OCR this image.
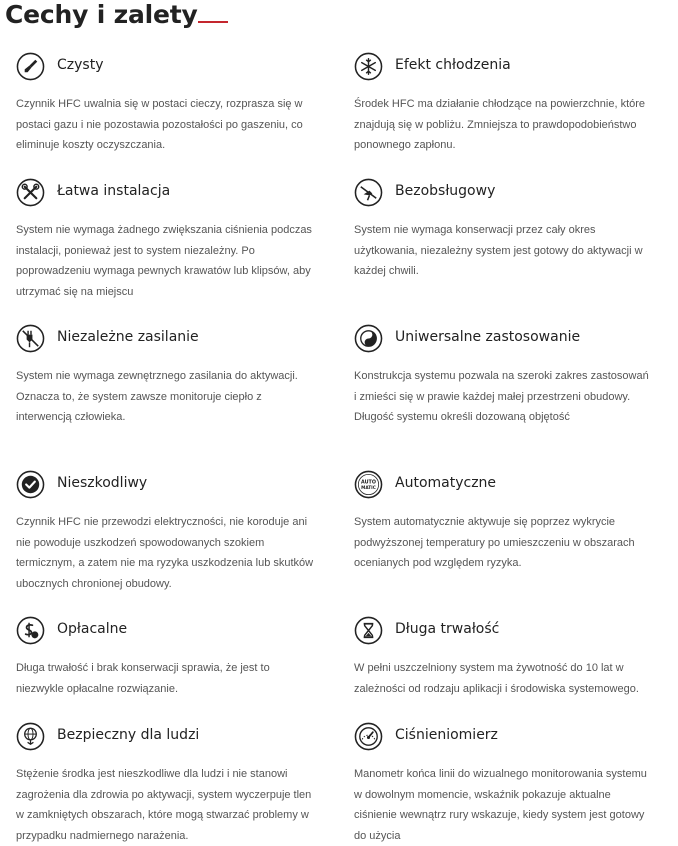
Cechy i zalety
Czysty
Czynnik HFC uwalnia się w postaci cieczy, rozprasza się w postaci gazu i nie pozostawia pozostałości po gaszeniu, co eliminuje koszty oczyszczania.
Efekt chłodzenia
Środek HFC ma działanie chłodzące na powierzchnie, które znajdują się w pobliżu. Zmniejsza to prawdopodobieństwo ponownego zapłonu.
Łatwa instalacja
System nie wymaga żadnego zwiększania ciśnienia podczas instalacji, ponieważ jest to system niezależny. Po poprowadzeniu wymaga pewnych krawatów lub klipsów, aby utrzymać się na miejscu
Bezobsługowy
System nie wymaga konserwacji przez cały okres użytkowania, niezależny system jest gotowy do aktywacji w każdej chwili.
Niezależne zasilanie
System nie wymaga zewnętrznego zasilania do aktywacji. Oznacza to, że system zawsze monitoruje ciepło z interwencją człowieka.
Uniwersalne zastosowanie
Konstrukcja systemu pozwala na szeroki zakres zastosowań i zmieści się w prawie każdej małej przestrzeni obudowy. Długość systemu określi dozowaną objętość
Nieszkodliwy
Czynnik HFC nie przewodzi elektryczności, nie koroduje ani nie powoduje uszkodzeń spowodowanych szokiem termicznym, a zatem nie ma ryzyka uszkodzenia lub skutków ubocznych chronionej obudowy.
AUTO
MATIC Automatyczne
System automatycznie aktywuje się poprzez wykrycie podwyższonej temperatury po umieszczeniu w obszarach ocenianych pod względem ryzyka.
Opłacalne
Długa trwałość i brak konserwacji sprawia, że jest to niezwykle opłacalne rozwiązanie.
Długa trwałość
W pełni uszczelniony system ma żywotność do 10 lat w zależności od rodzaju aplikacji i środowiska systemowego.
Bezpieczny dla ludzi
Stężenie środka jest nieszkodliwe dla ludzi i nie stanowi zagrożenia dla zdrowia po aktywacji, system wyczerpuje tlen w zamkniętych obszarach, które mogą stwarzać problemy w przypadku nadmiernego narażenia.
Ciśnieniomierz
Manometr końca linii do wizualnego monitorowania systemu w dowolnym momencie, wskaźnik pokazuje aktualne ciśnienie wewnątrz rury wskazuje, kiedy system jest gotowy do użycia
